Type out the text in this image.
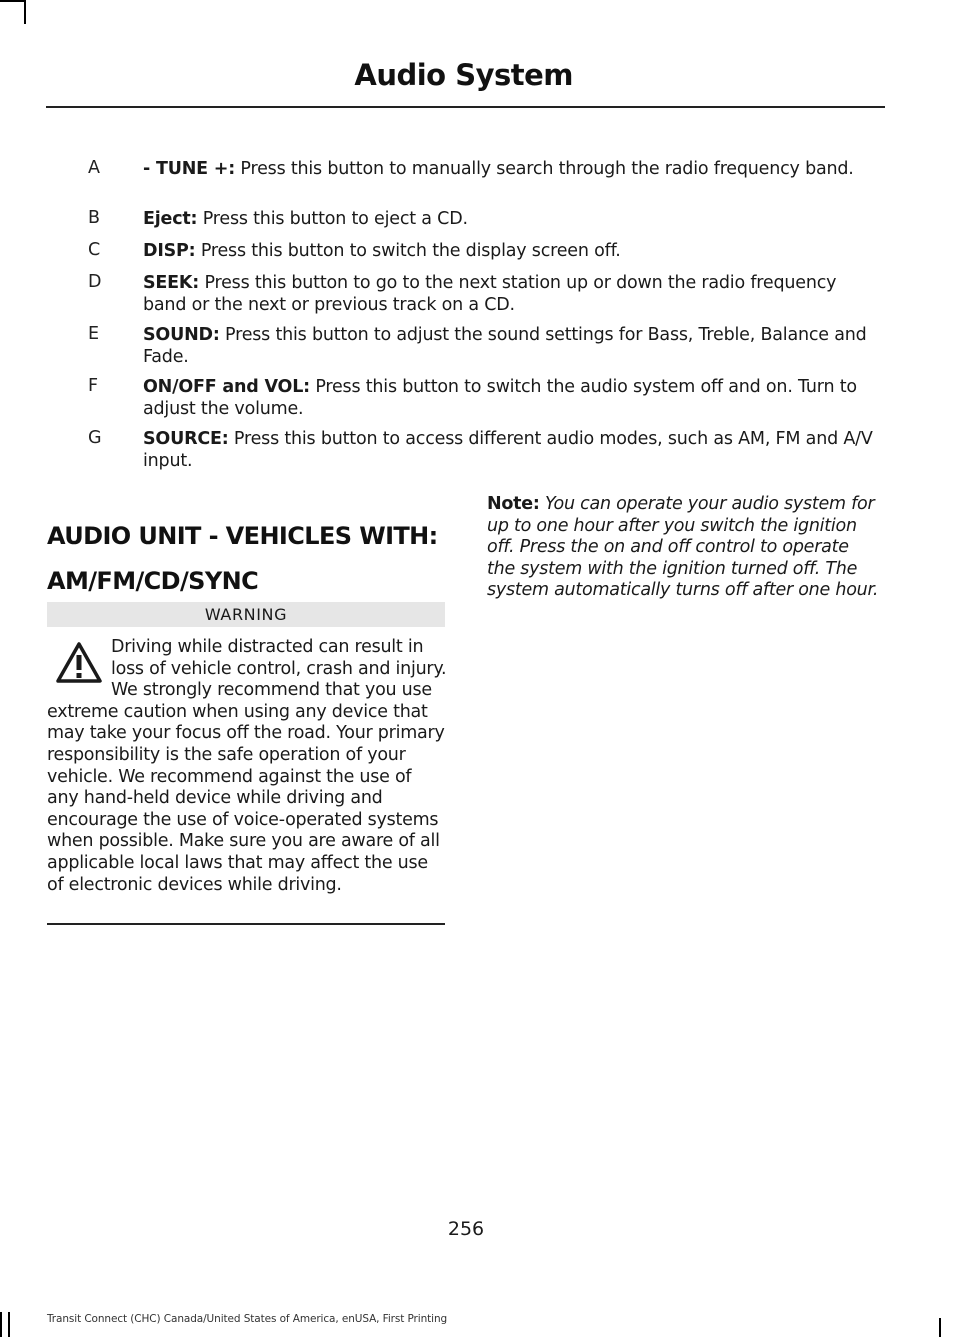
Audio System
A - TUNE +: Press this button to manually search through the radio frequency band.
B Eject: Press this button to eject a CD.
C DISP: Press this button to switch the display screen off.
D SEEK: Press this button to go to the next station up or down the radio frequency band or the next or previous track on a CD.
E	SOUND: Press this button to adjust the sound settings for Bass, Treble, Balance and Fade.
F	ON/OFF and VOL: Press this button to switch the audio system off and on. Turn to adjust the volume.
G SOURCE: Press this button to access different audio modes, such as AM, FM and A/V input.
AUDIO UNIT - VEHICLES WITH:
AM/FM/CD/SYNC
WARNING
Driving while distracted can result in loss of vehicle control, crash and injury. We strongly recommend that you use extreme caution when using any device that may take your focus off the road. Your primary responsibility is the safe operation of your vehicle. We recommend against the use of any hand-held device while driving and encourage the use of voice-operated systems when possible. Make sure you are aware of all applicable local laws that may affect the use of electronic devices while driving.
Note: You can operate your audio system for up to one hour after you switch the ignition off. Press the on and off control to operate the system with the ignition turned off. The system automatically turns off after one hour.
256
Transit Connect (CHC) Canada/United States of America, enUSA, First Printing
